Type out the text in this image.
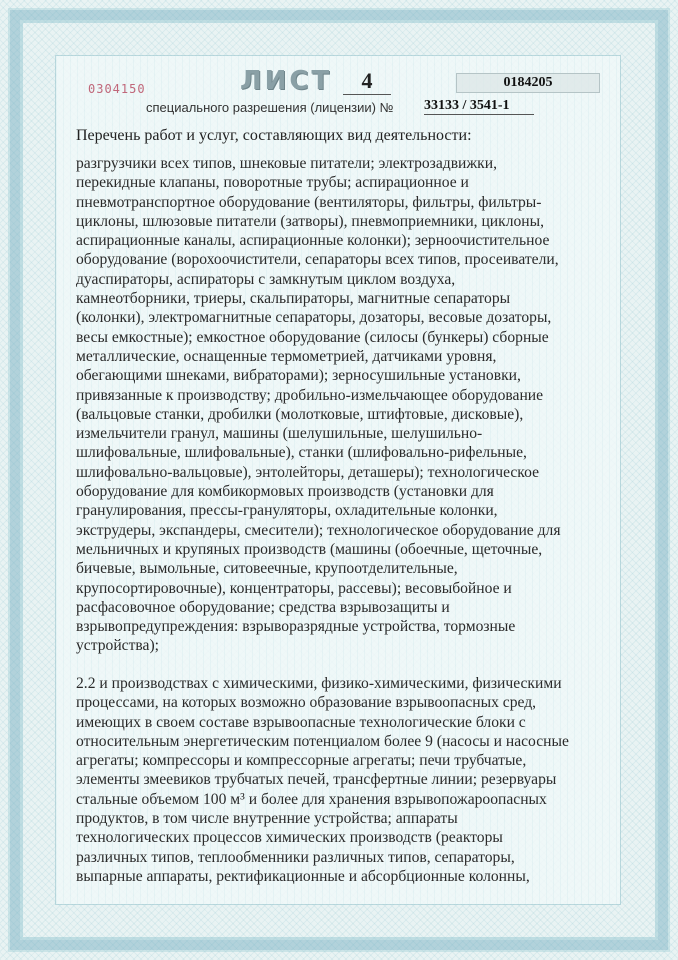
0304150	ЛИСТ	4	0184205
специального разрешения (лицензии) № 33133 / 3541-1
Перечень работ и услуг, составляющих вид деятельности:
разгрузчики всех типов, шнековые питатели; электрозадвижки,
перекидные клапаны, поворотные трубы; аспирационное и
пневмотранспортное оборудование (вентиляторы, фильтры, фильтры-
циклоны, шлюзовые питатели (затворы), пневмоприемники, циклоны,
аспирационные каналы, аспирационные колонки); зерноочистительное
оборудование (ворохоочистители, сепараторы всех типов, просеиватели,
дуаспираторы, аспираторы с замкнутым циклом воздуха,
камнеотборники, триеры, скальпираторы, магнитные сепараторы
(колонки), электромагнитные сепараторы, дозаторы, весовые дозаторы,
весы емкостные); емкостное оборудование (силосы (бункеры) сборные
металлические, оснащенные термометрией, датчиками уровня,
обегающими шнеками, вибраторами); зерносушильные установки,
привязанные к производству; дробильно-измельчающее оборудование
(вальцовые станки, дробилки (молотковые, штифтовые, дисковые),
измельчители гранул, машины (шелушильные, шелушильно-
шлифовальные, шлифовальные), станки (шлифовально-рифельные,
шлифовально-вальцовые), энтолейторы, деташеры); технологическое
оборудование для комбикормовых производств (установки для
гранулирования, прессы-грануляторы, охладительные колонки,
экструдеры, экспандеры, смесители); технологическое оборудование для
мельничных и крупяных производств (машины (обоечные, щеточные,
бичевые, вымольные, ситовеечные, крупоотделительные,
крупосортировочные), концентраторы, рассевы); весовыбойное и
расфасовочное оборудование; средства взрывозащиты и
взрывопредупреждения: взрыворазрядные устройства, тормозные
устройства);
2.2 и производствах с химическими, физико-химическими, физическими
процессами, на которых возможно образование взрывоопасных сред,
имеющих в своем составе взрывоопасные технологические блоки с
относительным энергетическим потенциалом более 9 (насосы и насосные
агрегаты; компрессоры и компрессорные агрегаты; печи трубчатые,
элементы змеевиков трубчатых печей, трансфертные линии; резервуары
стальные объемом 100 м³ и более для хранения взрывопожароопасных
продуктов, в том числе внутренние устройства; аппараты
технологических процессов химических производств (реакторы
различных типов, теплообменники различных типов, сепараторы,
выпарные аппараты, ректификационные и абсорбционные колонны,
